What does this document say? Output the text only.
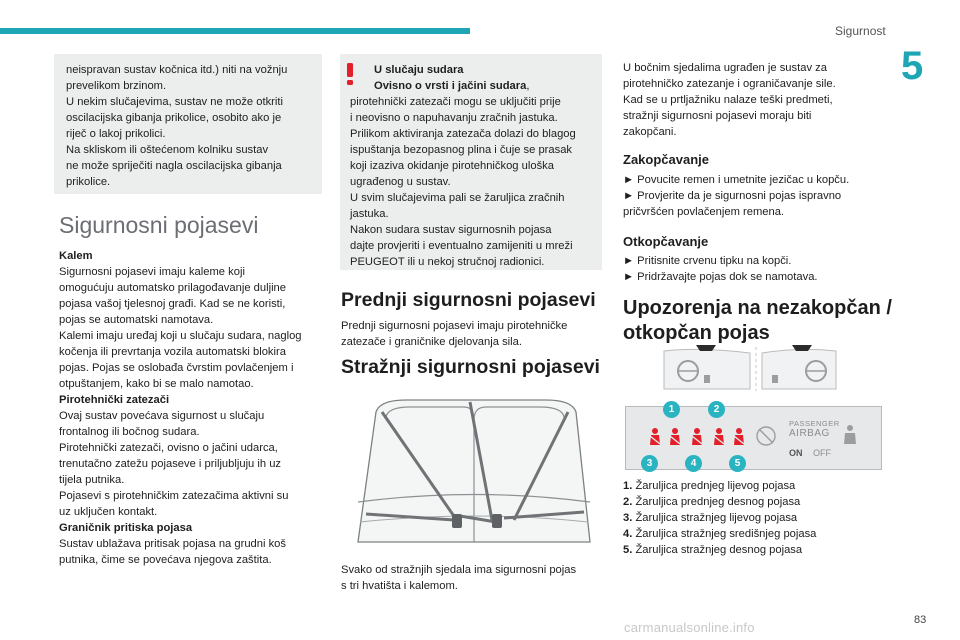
Sigurnost
5

neispravan sustav kočnica itd.) niti na vožnju

prevelikom brzinom.

U nekim slučajevima, sustav ne može otkriti

oscilacijska gibanja prikolice, osobito ako je

riječ o lakoj prikolici.

Na skliskom ili oštećenom kolniku sustav

ne može spriječiti nagla oscilacijska gibanja

prikolice.

Sigurnosni pojasevi

Kalem

Sigurnosni pojasevi imaju kaleme koji

omogućuju automatsko prilagođavanje duljine

pojasa vašoj tjelesnoj građi. Kad se ne koristi,

pojas se automatski namotava.

Kalemi imaju uređaj koji u slučaju sudara, naglog

kočenja ili prevrtanja vozila automatski blokira

pojas. Pojas se oslobađa čvrstim povlačenjem i

otpuštanjem, kako bi se malo namotao.

Pirotehnički zatezači

Ovaj sustav povećava sigurnost u slučaju

frontalnog ili bočnog sudara.

Pirotehnički zatezači, ovisno o jačini udarca,

trenutačno zatežu pojaseve i priljubljuju ih uz

tijela putnika.

Pojasevi s pirotehničkim zatezačima aktivni su

uz uključen kontakt.

Graničnik pritiska pojasa

Sustav ublažava pritisak pojasa na grudni koš

putnika, čime se povećava njegova zaštita.

U slučaju sudara

Ovisno o vrsti i jačini sudara,

pirotehnički zatezači mogu se uključiti prije

i neovisno o napuhavanju zračnih jastuka.

Prilikom aktiviranja zatezača dolazi do blagog

ispuštanja bezopasnog plina i čuje se prasak

koji izaziva okidanje pirotehničkog uloška

ugrađenog u sustav.

U svim slučajevima pali se žaruljica zračnih

jastuka.

Nakon sudara sustav sigurnosnih pojasa

dajte provjeriti i eventualno zamijeniti u mreži

PEUGEOT ili u nekoj stručnoj radionici.

Prednji sigurnosni pojasevi

Prednji sigurnosni pojasevi imaju pirotehničke

zatezače i graničnike djelovanja sila.

Stražnji sigurnosni pojasevi

Svako od stražnjih sjedala ima sigurnosni pojas

s tri hvatišta i kalemom.

U bočnim sjedalima ugrađen je sustav za

pirotehničko zatezanje i ograničavanje sile.

Kad se u prtljažniku nalaze teški predmeti,

stražnji sigurnosni pojasevi moraju biti

zakopčani.

Zakopčavanje

► Povucite remen i umetnite jezičac u kopču.

► Provjerite da je sigurnosni pojas ispravno

pričvršćen povlačenjem remena.

Otkopčavanje

► Pritisnite crvenu tipku na kopči.

► Pridržavajte pojas dok se namotava.

Upozorenja na nezakopčan / otkopčan pojas
PASSENGER
AIRBAG
ON OFF
1	2
3	4	5

1. Žaruljica prednjeg lijevog pojasa

2. Žaruljica prednjeg desnog pojasa

3. Žaruljica stražnjeg lijevog pojasa

4. Žaruljica stražnjeg središnjeg pojasa

5. Žaruljica stražnjeg desnog pojasa

carmanualsonline.info	83
